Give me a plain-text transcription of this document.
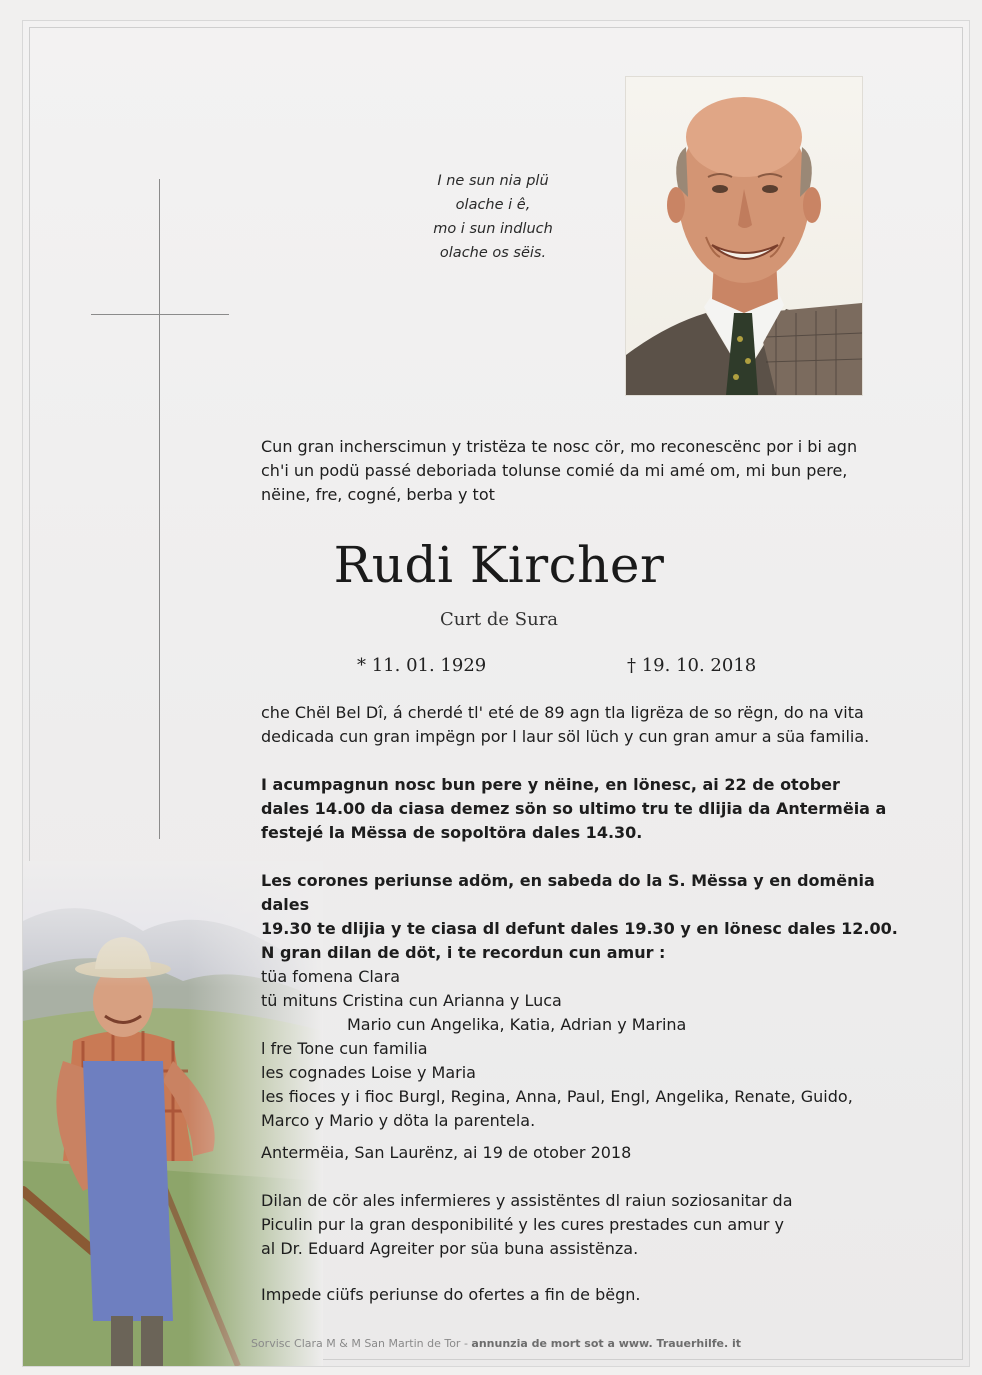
I ne sun nia plü
olache i ê,
mo i sun indluch
olache os sëis.
Cun gran incherscimun y tristëza te nosc cör, mo reconescënc por i bi agn
ch'i un podü passé deboriada tolunse comié da mi amé om, mi bun pere,
nëine, fre, cogné, berba y tot
Rudi Kircher
Curt de Sura
* 11. 01. 1929	† 19. 10. 2018
che Chël Bel Dî, á cherdé tl' eté de 89 agn tla ligrëza de so rëgn, do na vita
dedicada cun gran impëgn por l laur söl lüch y cun gran amur a süa familia.
I acumpagnun nosc bun pere y nëine, en lönesc, ai 22 de otober
dales 14.00 da ciasa demez sön so ultimo tru te dlijia da Antermëia a
festejé la Mëssa de sopoltöra dales 14.30.
Les corones periunse adöm, en sabeda do la S. Mëssa y en domënia dales
19.30 te dlijia y te ciasa dl defunt dales 19.30 y en lönesc dales 12.00.
N gran dilan de döt, i te recordun cun amur :
tüa fomena Clara
tü mituns Cristina cun Arianna y Luca
Mario cun Angelika, Katia, Adrian y Marina
l fre Tone cun familia
les cognades Loise y Maria
les fioces y i fioc Burgl, Regina, Anna, Paul, Engl, Angelika, Renate, Guido,
Marco y Mario y döta la parentela.
Antermëia, San Laurënz, ai 19 de otober 2018
Dilan de cör ales infermieres y assistëntes dl raiun soziosanitar da
Piculin pur la gran desponibilité y les cures prestades cun amur y
al Dr. Eduard Agreiter por süa buna assistënza.
Impede ciüfs periunse do ofertes a fin de bëgn.
Sorvisc Clara M & M San Martin de Tor - annunzia de mort sot a www. Trauerhilfe. it
